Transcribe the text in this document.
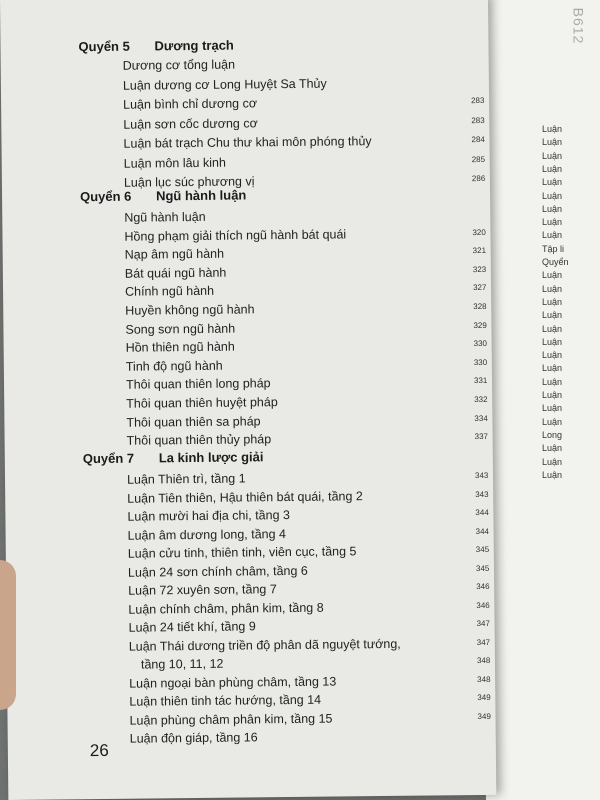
Luận
Luận
Luận
Luận
Luận
Luận
Luận
Luận
Luận
Tập li
Quyển
Luận
Luận
Luận
Luận
Luận
Luận
Luận
Luận
Luận
Luận
Luận
Luận
Long
Luận
Luận
Luận
B612
26
Quyển 5 Dương trạch
Dương cơ tổng luận
Luận dương cơ Long Huyệt Sa Thủy
Luận bình chỉ dương cơ	283
Luận sơn cốc dương cơ	283
Luận bát trạch Chu thư khai môn phóng thủy	284
Luận môn lâu kinh	285
Luận lục súc phương vị	286
Quyển 6 Ngũ hành luận
Ngũ hành luận
Hồng phạm giải thích ngũ hành bát quái	320
Nạp âm ngũ hành	321
Bát quái ngũ hành	323
Chính ngũ hành	327
Huyền không ngũ hành	328
Song sơn ngũ hành	329
Hồn thiên ngũ hành	330
Tinh độ ngũ hành	330
Thôi quan thiên long pháp	331
Thôi quan thiên huyệt pháp	332
Thôi quan thiên sa pháp	334
Thôi quan thiên thủy pháp	337
Quyển 7 La kinh lược giải
Luận Thiên trì, tầng 1	343
Luận Tiên thiên, Hậu thiên bát quái, tầng 2	343
Luận mười hai địa chi, tầng 3	344
Luận âm dương long, tầng 4	344
Luận cửu tinh, thiên tinh, viên cục, tầng 5	345
Luận 24 sơn chính châm, tầng 6	345
Luận 72 xuyên sơn, tầng 7	346
Luận chính châm, phân kim, tầng 8	346
Luận 24 tiết khí, tầng 9	347
Luận Thái dương triền độ phân dã nguyệt tướng,	347
tầng 10, 11, 12	348
Luận ngoại bàn phùng châm, tầng 13	348
Luận thiên tinh tác hướng, tầng 14	349
Luận phùng châm phân kim, tầng 15	349
Luận độn giáp, tầng 16
